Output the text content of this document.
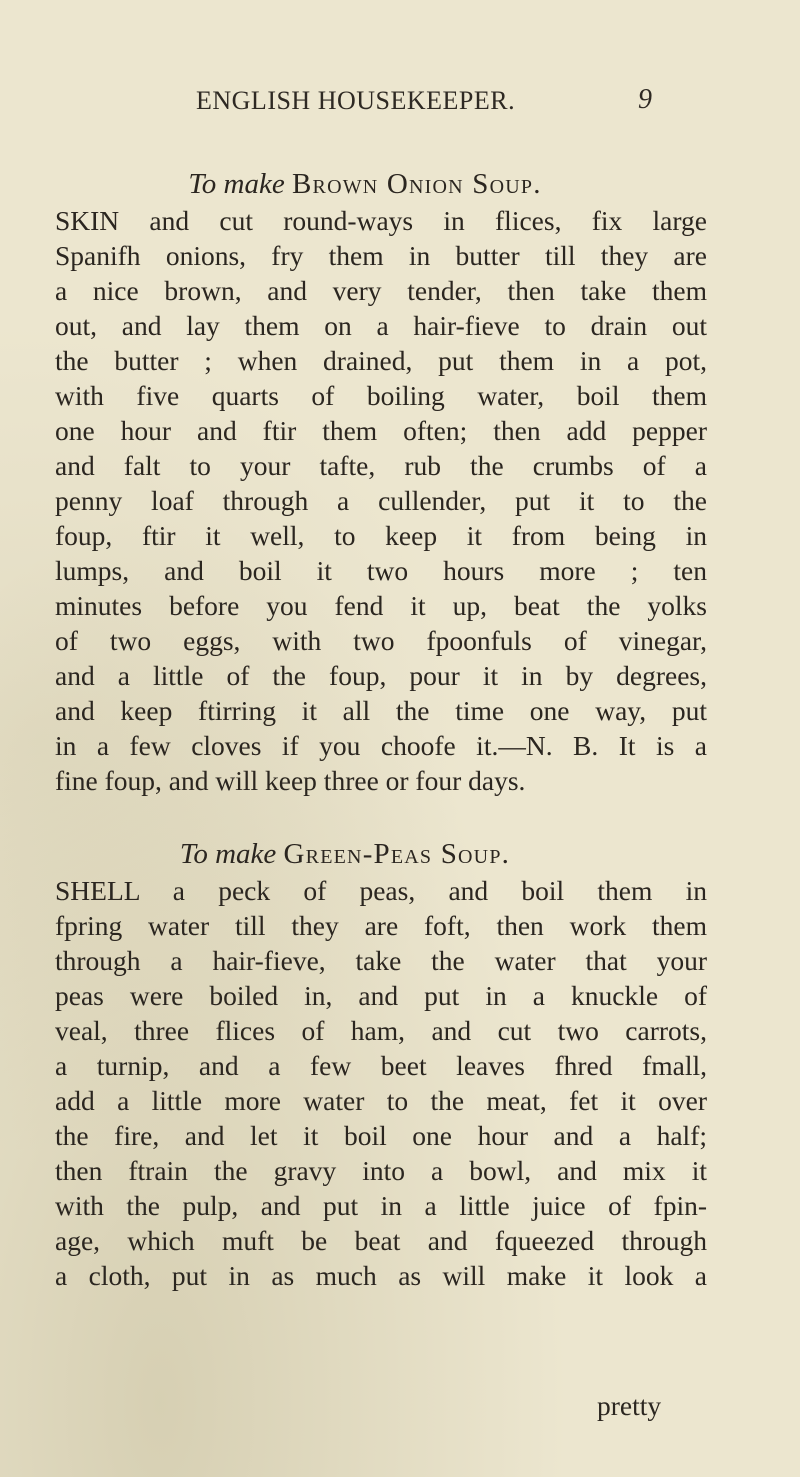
ENGLISH HOUSEKEEPER.	9
To make Brown Onion Soup.
SKIN and cut round-ways in flices, fix large
Spanifh onions, fry them in butter till they are
a nice brown, and very tender, then take them
out, and lay them on a hair-fieve to drain out
the butter ; when drained, put them in a pot,
with five quarts of boiling water, boil them
one hour and ftir them often; then add pepper
and falt to your tafte, rub the crumbs of a
penny loaf through a cullender, put it to the
foup, ftir it well, to keep it from being in
lumps, and boil it two hours more ; ten
minutes before you fend it up, beat the yolks
of two eggs, with two fpoonfuls of vinegar,
and a little of the foup, pour it in by degrees,
and keep ftirring it all the time one way, put
in a few cloves if you choofe it.—N. B. It is a
fine foup, and will keep three or four days.
To make Green-Peas Soup.
SHELL a peck of peas, and boil them in
fpring water till they are foft, then work them
through a hair-fieve, take the water that your
peas were boiled in, and put in a knuckle of
veal, three flices of ham, and cut two carrots,
a turnip, and a few beet leaves fhred fmall,
add a little more water to the meat, fet it over
the fire, and let it boil one hour and a half;
then ftrain the gravy into a bowl, and mix it
with the pulp, and put in a little juice of fpin-
age, which muft be beat and fqueezed through
a cloth, put in as much as will make it look a
pretty
